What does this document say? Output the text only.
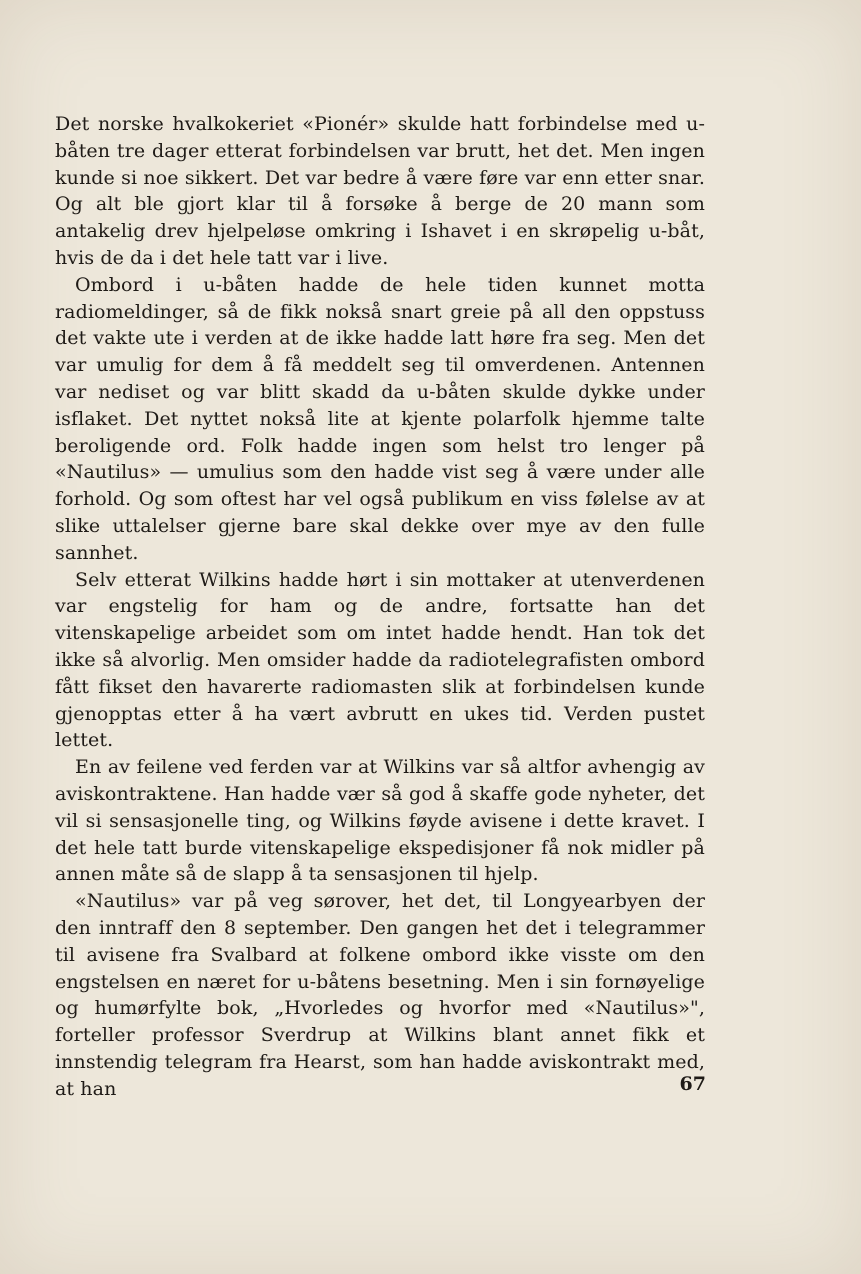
Det norske hvalkokeriet «Pionér» skulde hatt forbindelse med u-båten tre dager etterat forbindelsen var brutt, het det. Men ingen kunde si noe sikkert. Det var bedre å være føre var enn etter snar. Og alt ble gjort klar til å forsøke å berge de 20 mann som antakelig drev hjelpeløse omkring i Ishavet i en skrøpelig u-båt, hvis de da i det hele tatt var i live.

Ombord i u-båten hadde de hele tiden kunnet motta radiomeldinger, så de fikk nokså snart greie på all den oppstuss det vakte ute i verden at de ikke hadde latt høre fra seg. Men det var umulig for dem å få meddelt seg til omverdenen. Antennen var nediset og var blitt skadd da u-båten skulde dykke under isflaket. Det nyttet nokså lite at kjente polarfolk hjemme talte beroligende ord. Folk hadde ingen som helst tro lenger på «Nautilus» — umulius som den hadde vist seg å være under alle forhold. Og som oftest har vel også publikum en viss følelse av at slike uttalelser gjerne bare skal dekke over mye av den fulle sannhet.

Selv etterat Wilkins hadde hørt i sin mottaker at utenverdenen var engstelig for ham og de andre, fortsatte han det vitenskapelige arbeidet som om intet hadde hendt. Han tok det ikke så alvorlig. Men omsider hadde da radiotelegrafisten ombord fått fikset den havarerte radiomasten slik at forbindelsen kunde gjenopptas etter å ha vært avbrutt en ukes tid. Verden pustet lettet.

En av feilene ved ferden var at Wilkins var så altfor avhengig av aviskontraktene. Han hadde vær så god å skaffe gode nyheter, det vil si sensasjonelle ting, og Wilkins føyde avisene i dette kravet. I det hele tatt burde vitenskapelige ekspedisjoner få nok midler på annen måte så de slapp å ta sensasjonen til hjelp.

«Nautilus» var på veg sørover, het det, til Longyearbyen der den inntraff den 8 september. Den gangen het det i telegrammer til avisene fra Svalbard at folkene ombord ikke visste om den engstelsen en næret for u-båtens besetning. Men i sin fornøyelige og humørfylte bok, „Hvorledes og hvorfor med «Nautilus»", forteller professor Sverdrup at Wilkins blant annet fikk et innstendig telegram fra Hearst, som han hadde aviskontrakt med, at han	67
